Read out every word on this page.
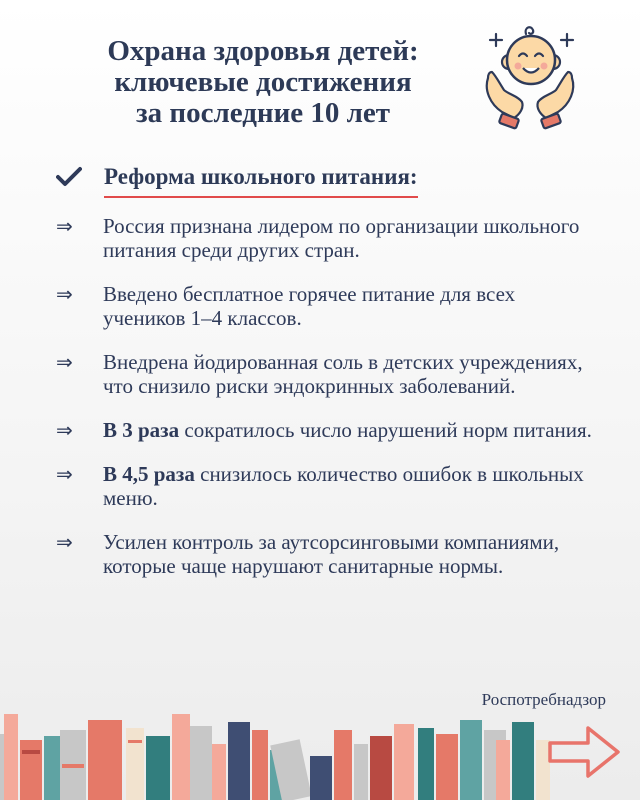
Охрана здоровья детей:
ключевые достижения
за последние 10 лет
Реформа школьного питания:
⇒ Россия признана лидером по организации школьного питания среди других стран.
⇒ Введено бесплатное горячее питание для всех учеников 1–4 классов.
⇒ Внедрена йодированная соль в детских учреждениях, что снизило риски эндокринных заболеваний.
⇒ В 3 раза сократилось число нарушений норм питания.
⇒ В 4,5 раза снизилось количество ошибок в школьных меню.
⇒ Усилен контроль за аутсорсинговыми компаниями, которые чаще нарушают санитарные нормы.
Роспотребнадзор
